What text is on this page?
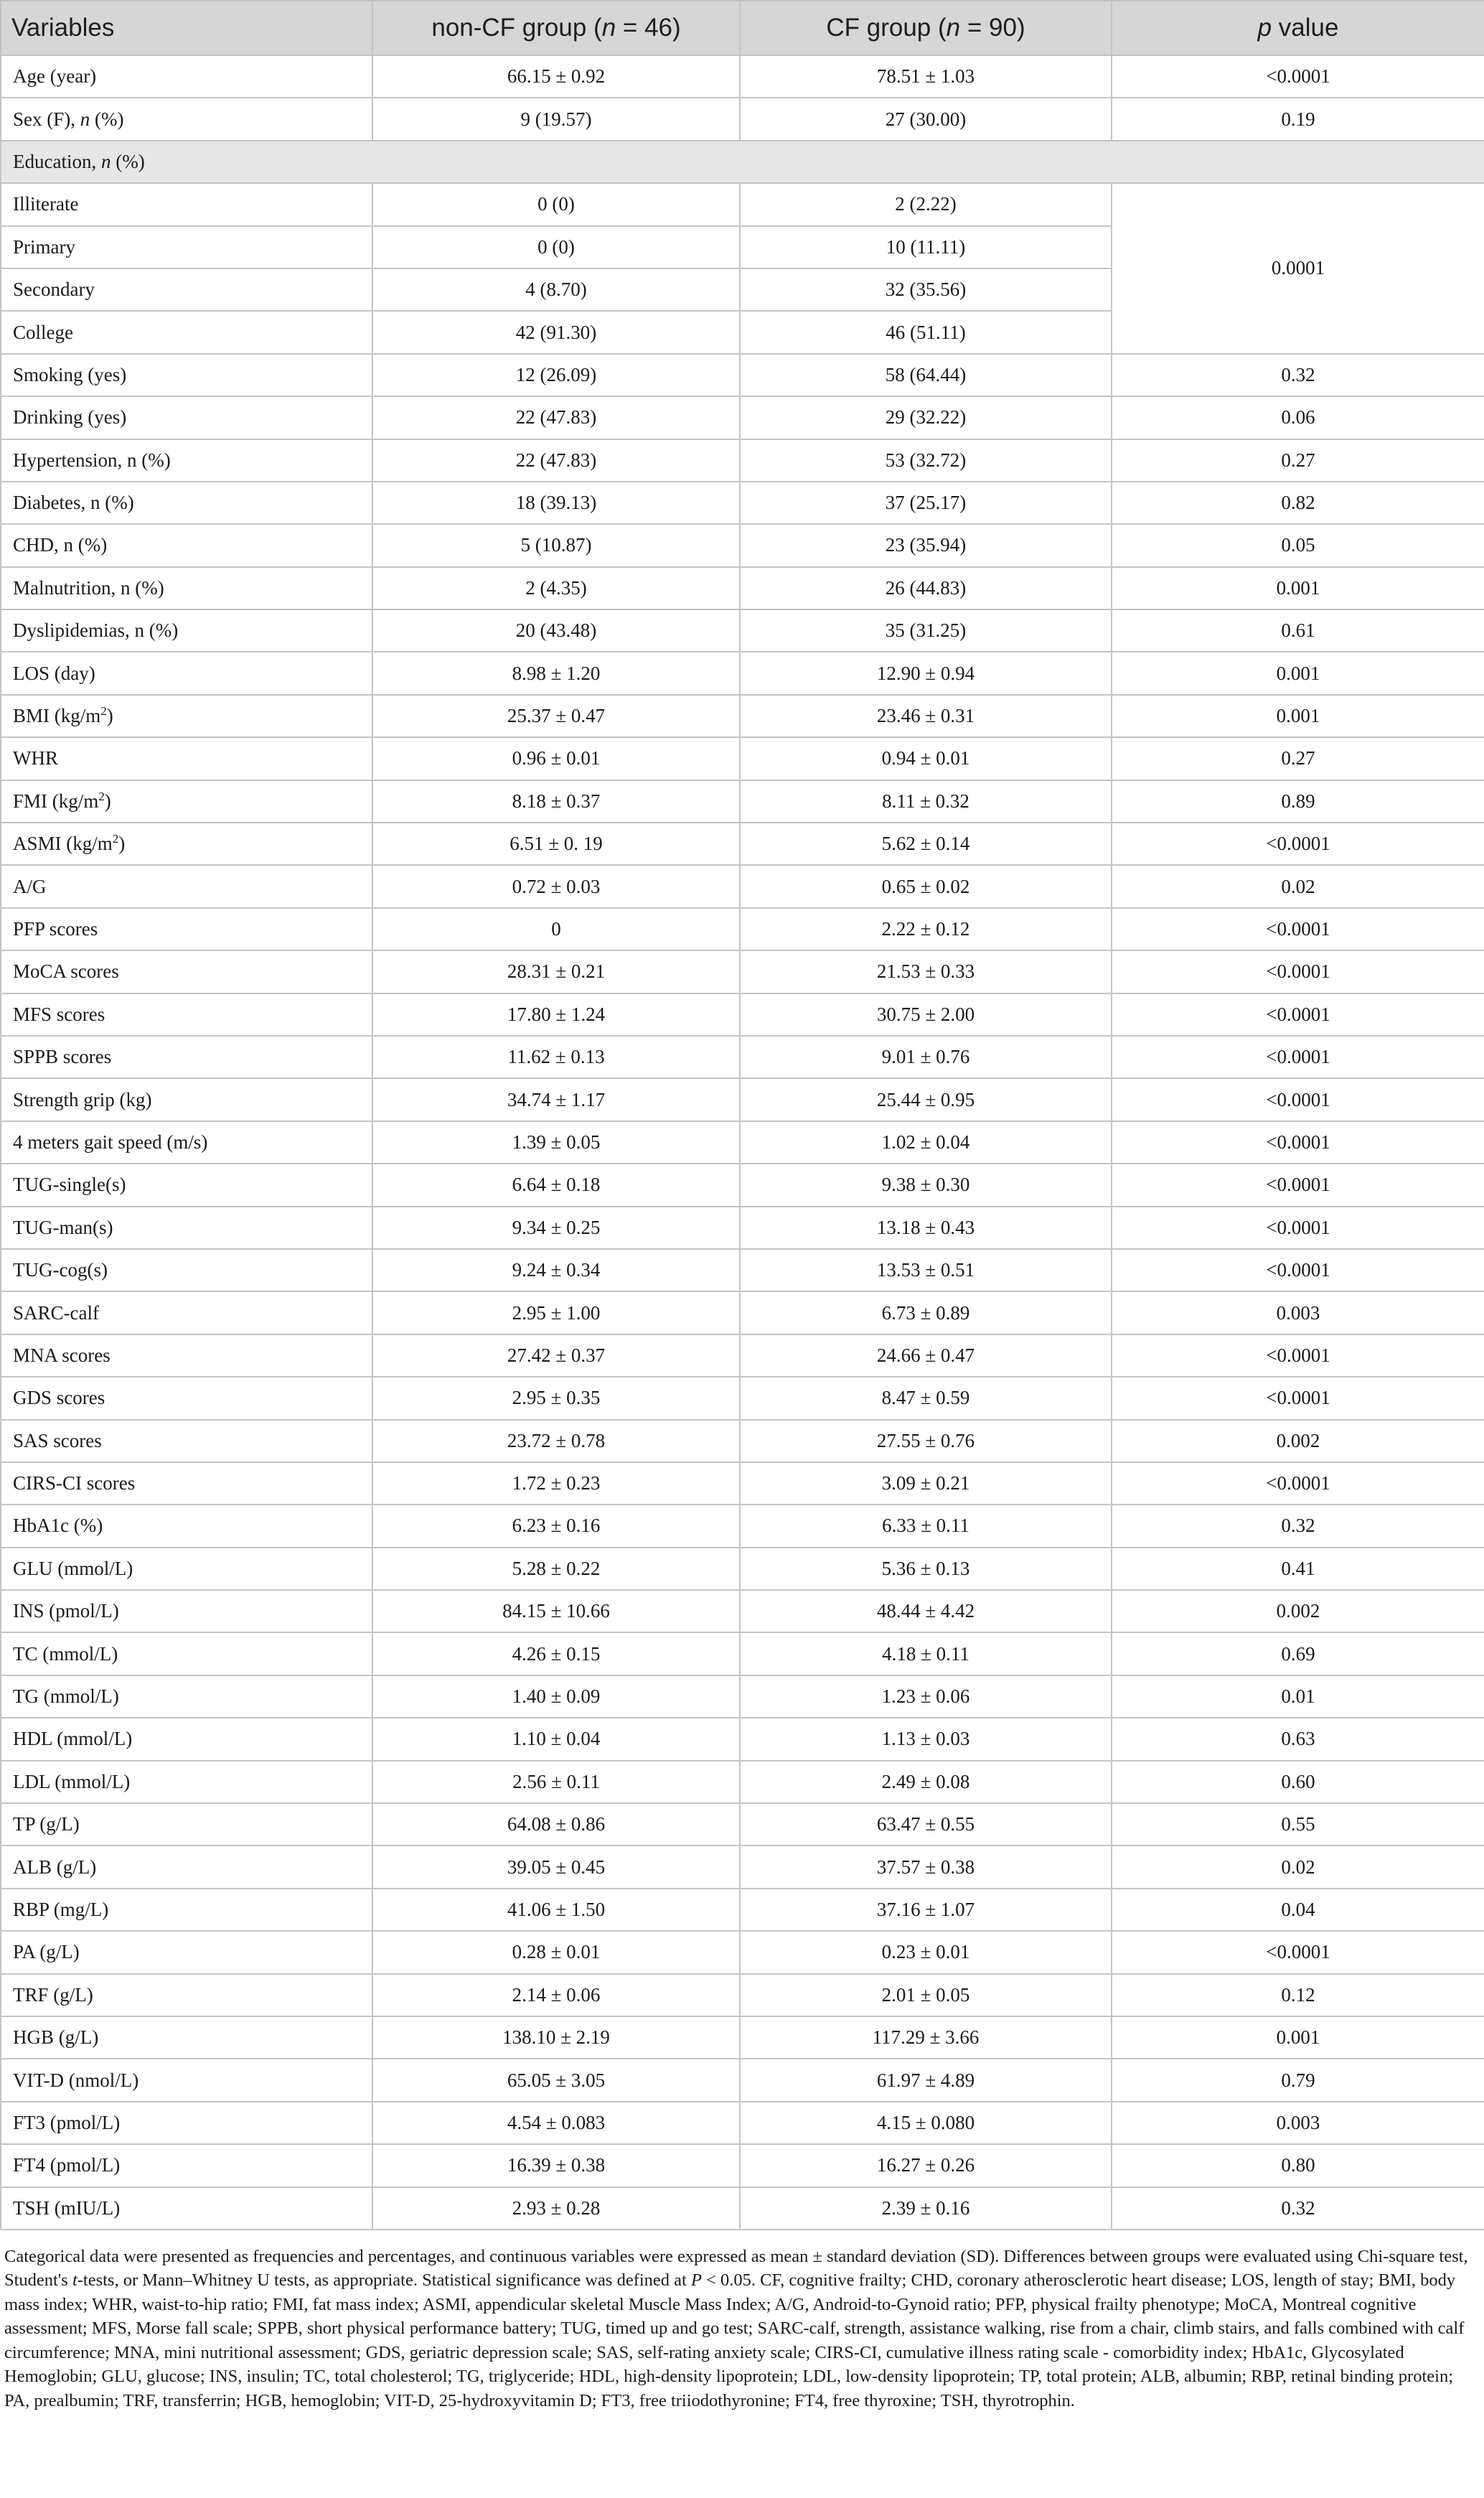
Variables	non-CF group (n = 46)	CF group (n = 90)	p value
Age (year)	66.15 ± 0.92	78.51 ± 1.03	<0.0001
Sex (F), n (%)	9 (19.57)	27 (30.00)	0.19
Education, n (%)			
Illiterate	0 (0)	2 (2.22)	0.0001
Primary	0 (0)	10 (11.11)	
Secondary	4 (8.70)	32 (35.56)	
College	42 (91.30)	46 (51.11)	
Smoking (yes)	12 (26.09)	58 (64.44)	0.32
Drinking (yes)	22 (47.83)	29 (32.22)	0.06
Hypertension, n (%)	22 (47.83)	53 (32.72)	0.27
Diabetes, n (%)	18 (39.13)	37 (25.17)	0.82
CHD, n (%)	5 (10.87)	23 (35.94)	0.05
Malnutrition, n (%)	2 (4.35)	26 (44.83)	0.001
Dyslipidemias, n (%)	20 (43.48)	35 (31.25)	0.61
LOS (day)	8.98 ± 1.20	12.90 ± 0.94	0.001
BMI $(kg/m^2)$	25.37 ± 0.47	23.46 ± 0.31	0.001
WHR	0.96 ± 0.01	0.94 ± 0.01	0.27
FMI $(kg/m^2)$	8.18 ± 0.37	8.11 ± 0.32	0.89
ASMI $(kg/m^2)$	6.51 ± 0. 19	5.62 ± 0.14	<0.0001
A/G	0.72 ± 0.03	0.65 ± 0.02	0.02
PFP scores	0	2.22 ± 0.12	<0.0001
MoCA scores	28.31 ± 0.21	21.53 ± 0.33	<0.0001
MFS scores	17.80 ± 1.24	30.75 ± 2.00	<0.0001
SPPB scores	11.62 ± 0.13	9.01 ± 0.76	<0.0001
Strength grip (kg)	34.74 ± 1.17	25.44 ± 0.95	<0.0001
4 meters gait speed (m/s)	1.39 ± 0.05	1.02 ± 0.04	<0.0001
TUG-single(s)	6.64 ± 0.18	9.38 ± 0.30	<0.0001
TUG-man(s)	9.34 ± 0.25	13.18 ± 0.43	<0.0001
TUG-cog(s)	9.24 ± 0.34	13.53 ± 0.51	<0.0001
SARC-calf	2.95 ± 1.00	6.73 ± 0.89	0.003
MNA scores	27.42 ± 0.37	24.66 ± 0.47	<0.0001
GDS scores	2.95 ± 0.35	8.47 ± 0.59	<0.0001
SAS scores	23.72 ± 0.78	27.55 ± 0.76	0.002
CIRS-CI scores	1.72 ± 0.23	3.09 ± 0.21	<0.0001
HbA1c (%)	6.23 ± 0.16	6.33 ± 0.11	0.32
GLU (mmol/L)	5.28 ± 0.22	5.36 ± 0.13	0.41
INS (pmol/L)	84.15 ± 10.66	48.44 ± 4.42	0.002
TC (mmol/L)	4.26 ± 0.15	4.18 ± 0.11	0.69
TG (mmol/L)	1.40 ± 0.09	1.23 ± 0.06	0.01
HDL (mmol/L)	1.10 ± 0.04	1.13 ± 0.03	0.63
LDL (mmol/L)	2.56 ± 0.11	2.49 ± 0.08	0.60
TP (g/L)	64.08 ± 0.86	63.47 ± 0.55	0.55
ALB (g/L)	39.05 ± 0.45	37.57 ± 0.38	0.02
RBP (mg/L)	41.06 ± 1.50	37.16 ± 1.07	0.04
PA (g/L)	0.28 ± 0.01	0.23 ± 0.01	<0.0001
TRF (g/L)	2.14 ± 0.06	2.01 ± 0.05	0.12
HGB (g/L)	138.10 ± 2.19	117.29 ± 3.66	0.001
VIT-D (nmol/L)	65.05 ± 3.05	61.97 ± 4.89	0.79
FT3 (pmol/L)	4.54 ± 0.083	4.15 ± 0.080	0.003
FT4 (pmol/L)	16.39 ± 0.38	16.27 ± 0.26	0.80
TSH (mIU/L)	2.93 ± 0.28	2.39 ± 0.16	0.32
Categorical data were presented as frequencies and percentages, and continuous variables were expressed as mean ± standard deviation (SD). Differences between groups were evaluated using Chi-square test, Student's t-tests, or Mann–Whitney U tests, as appropriate. Statistical significance was defined at P < 0.05. CF, cognitive frailty; CHD, coronary atherosclerotic heart disease; LOS, length of stay; BMI, body mass index; WHR, waist-to-hip ratio; FMI, fat mass index; ASMI, appendicular skeletal Muscle Mass Index; A/G, Android-to-Gynoid ratio; PFP, physical frailty phenotype; MoCA, Montreal cognitive assessment; MFS, Morse fall scale; SPPB, short physical performance battery; TUG, timed up and go test; SARC-calf, strength, assistance walking, rise from a chair, climb stairs, and falls combined with calf circumference; MNA, mini nutritional assessment; GDS, geriatric depression scale; SAS, self-rating anxiety scale; CIRS-CI, cumulative illness rating scale - comorbidity index; HbA1c, Glycosylated Hemoglobin; GLU, glucose; INS, insulin; TC, total cholesterol; TG, triglyceride; HDL, high-density lipoprotein; LDL, low-density lipoprotein; TP, total protein; ALB, albumin; RBP, retinal binding protein; PA, prealbumin; TRF, transferrin; HGB, hemoglobin; VIT-D, 25-hydroxyvitamin D; FT3, free triiodothyronine; FT4, free thyroxine; TSH, thyrotrophin.
